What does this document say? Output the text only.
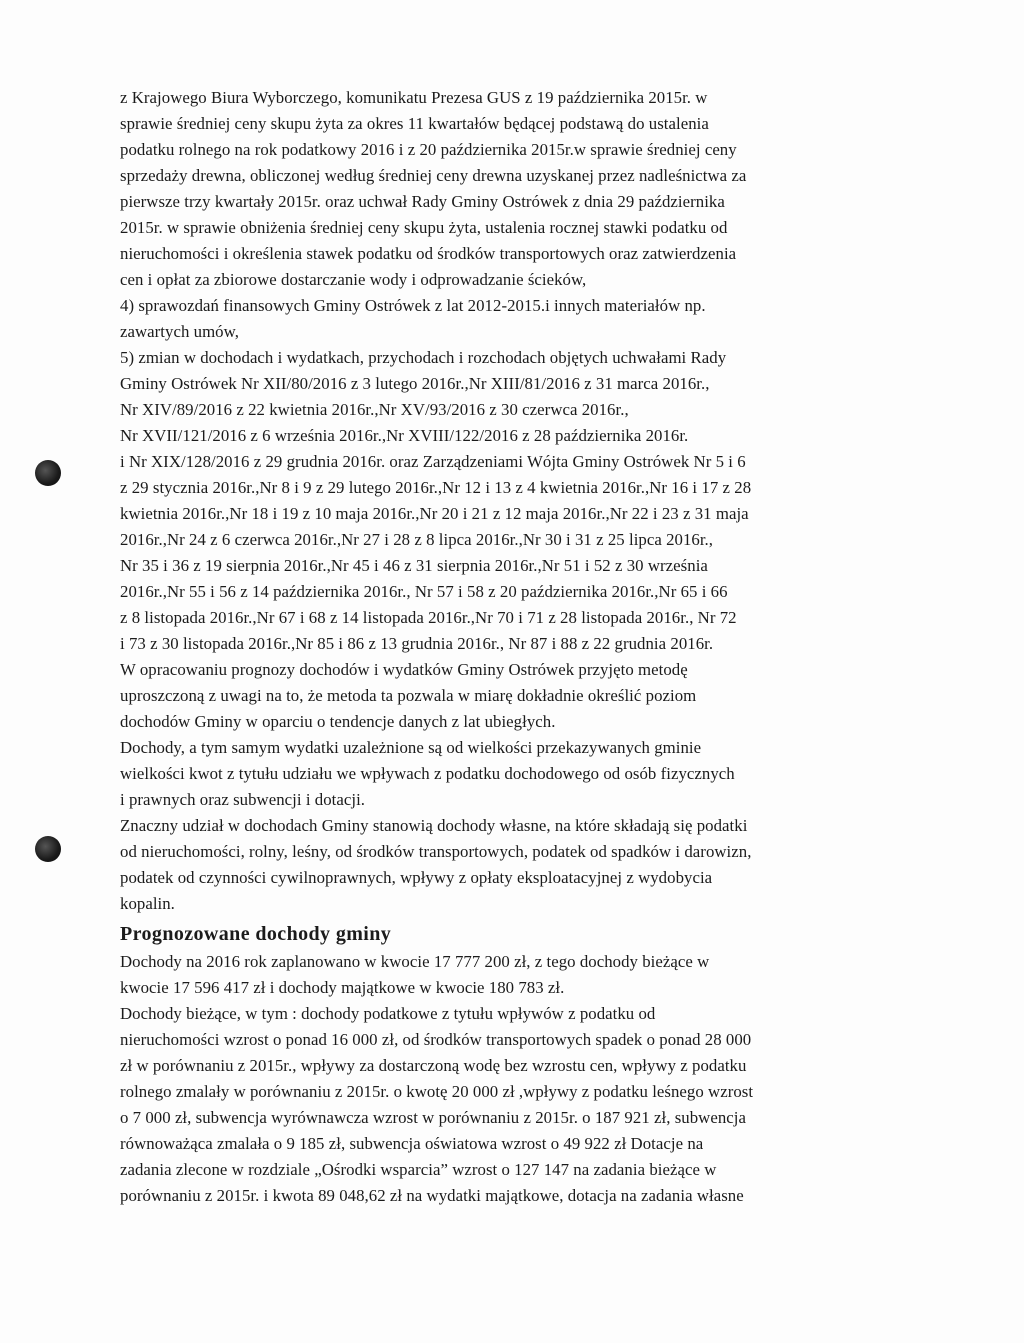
z Krajowego Biura Wyborczego, komunikatu Prezesa GUS z 19 października 2015r. w
sprawie średniej ceny skupu żyta za okres 11 kwartałów będącej podstawą do ustalenia
podatku rolnego na rok podatkowy 2016 i z 20 października 2015r.w sprawie średniej ceny
sprzedaży drewna, obliczonej według średniej ceny drewna uzyskanej przez nadleśnictwa za
pierwsze trzy kwartały 2015r. oraz uchwał Rady Gminy Ostrówek z dnia 29 października
2015r. w sprawie obniżenia średniej ceny skupu żyta, ustalenia rocznej stawki podatku od
nieruchomości i określenia stawek podatku od środków transportowych oraz zatwierdzenia
cen i opłat za zbiorowe dostarczanie wody i odprowadzanie ścieków,
4) sprawozdań finansowych Gminy Ostrówek z lat 2012-2015.i innych materiałów np.
zawartych umów,
5) zmian w dochodach i wydatkach, przychodach i rozchodach objętych uchwałami Rady
Gminy Ostrówek Nr XII/80/2016 z 3 lutego 2016r.,Nr XIII/81/2016 z 31 marca 2016r.,
Nr XIV/89/2016 z 22 kwietnia 2016r.,Nr XV/93/2016 z 30 czerwca 2016r.,
Nr XVII/121/2016 z 6 września 2016r.,Nr XVIII/122/2016 z 28 października 2016r.
i Nr XIX/128/2016 z 29 grudnia 2016r. oraz Zarządzeniami Wójta Gminy Ostrówek Nr 5 i 6
z 29 stycznia 2016r.,Nr 8 i 9 z 29 lutego 2016r.,Nr 12 i 13 z 4 kwietnia 2016r.,Nr 16 i 17 z 28
kwietnia 2016r.,Nr 18 i 19 z 10 maja 2016r.,Nr 20 i 21 z 12 maja 2016r.,Nr 22 i 23 z 31 maja
2016r.,Nr 24 z 6 czerwca 2016r.,Nr 27 i 28 z 8 lipca 2016r.,Nr 30 i 31 z 25 lipca 2016r.,
Nr 35 i 36 z 19 sierpnia 2016r.,Nr 45 i 46 z 31 sierpnia 2016r.,Nr 51 i 52 z 30 września
2016r.,Nr 55 i 56 z 14 października 2016r., Nr 57 i 58 z 20 października 2016r.,Nr 65 i 66
z 8 listopada 2016r.,Nr 67 i 68 z 14 listopada 2016r.,Nr 70 i 71 z 28 listopada 2016r., Nr 72
i 73 z 30 listopada 2016r.,Nr 85 i 86 z 13 grudnia 2016r., Nr 87 i 88 z 22 grudnia 2016r.
W opracowaniu prognozy dochodów i wydatków Gminy Ostrówek przyjęto metodę
uproszczoną z uwagi na to, że metoda ta pozwala w miarę dokładnie określić poziom
dochodów Gminy w oparciu o tendencje danych z lat ubiegłych.
Dochody, a tym samym wydatki uzależnione są od wielkości przekazywanych gminie
wielkości kwot z tytułu udziału we wpływach z podatku dochodowego od osób fizycznych
i prawnych oraz subwencji i dotacji.
Znaczny udział w dochodach Gminy stanowią dochody własne, na które składają się podatki
od nieruchomości, rolny, leśny, od środków transportowych, podatek od spadków i darowizn,
podatek od czynności cywilnoprawnych, wpływy z opłaty eksploatacyjnej z wydobycia
kopalin.
Prognozowane dochody gminy
Dochody na 2016 rok zaplanowano w kwocie 17 777 200 zł, z tego dochody bieżące w
kwocie 17 596 417 zł i dochody majątkowe w kwocie 180 783 zł.
Dochody bieżące, w tym : dochody podatkowe z tytułu wpływów z podatku od
nieruchomości wzrost o ponad 16 000 zł, od środków transportowych spadek o ponad 28 000
zł w porównaniu z 2015r., wpływy za dostarczoną wodę bez wzrostu cen, wpływy z podatku
rolnego zmalały w porównaniu z 2015r. o kwotę 20 000 zł ,wpływy z podatku leśnego wzrost
o 7 000 zł, subwencja wyrównawcza wzrost w porównaniu z 2015r. o 187 921 zł, subwencja
równoważąca zmalała o 9 185 zł, subwencja oświatowa wzrost o 49 922 zł Dotacje na
zadania zlecone w rozdziale „Ośrodki wsparcia” wzrost o 127 147 na zadania bieżące w
porównaniu z 2015r. i kwota 89 048,62 zł na wydatki majątkowe, dotacja na zadania własne
